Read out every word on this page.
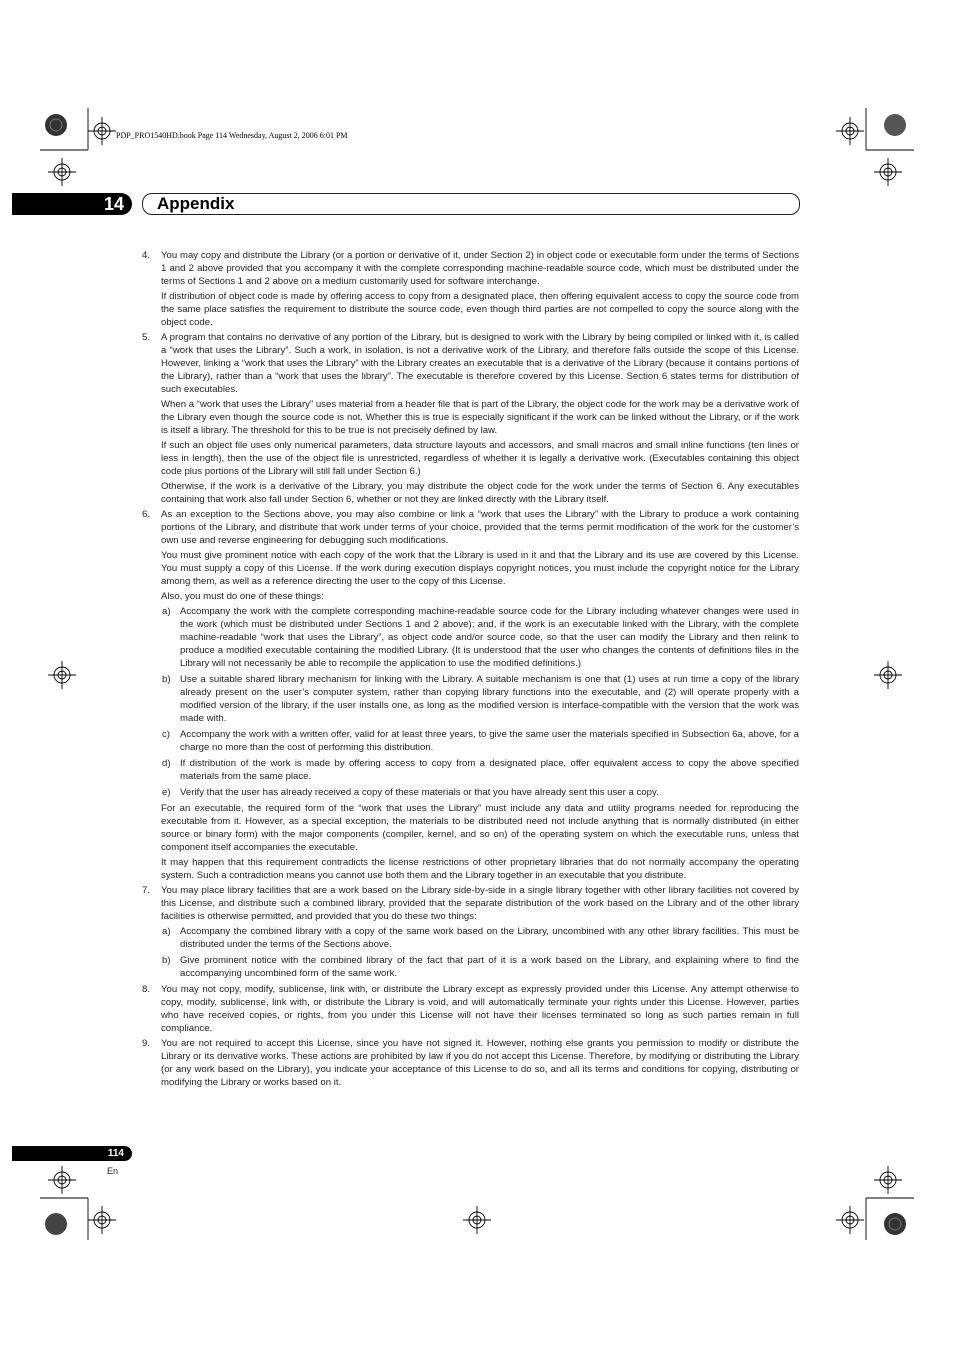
PDP_PRO1540HD.book Page 114 Wednesday, August 2, 2006 6:01 PM
14 Appendix
4. You may copy and distribute the Library (or a portion or derivative of it, under Section 2) in object code or executable form under the terms of Sections 1 and 2 above provided that you accompany it with the complete corresponding machine-readable source code, which must be distributed under the terms of Sections 1 and 2 above on a medium customarily used for software interchange.
If distribution of object code is made by offering access to copy from a designated place, then offering equivalent access to copy the source code from the same place satisfies the requirement to distribute the source code, even though third parties are not compelled to copy the source along with the object code.
5. A program that contains no derivative of any portion of the Library, but is designed to work with the Library by being compiled or linked with it, is called a “work that uses the Library”. Such a work, in isolation, is not a derivative work of the Library, and therefore falls outside the scope of this License. However, linking a “work that uses the Library” with the Library creates an executable that is a derivative of the Library (because it contains portions of the Library), rather than a “work that uses the library”. The executable is therefore covered by this License. Section 6 states terms for distribution of such executables.
When a “work that uses the Library” uses material from a header file that is part of the Library, the object code for the work may be a derivative work of the Library even though the source code is not. Whether this is true is especially significant if the work can be linked without the Library, or if the work is itself a library. The threshold for this to be true is not precisely defined by law.
If such an object file uses only numerical parameters, data structure layouts and accessors, and small macros and small inline functions (ten lines or less in length), then the use of the object file is unrestricted, regardless of whether it is legally a derivative work. (Executables containing this object code plus portions of the Library will still fall under Section 6.)
Otherwise, if the work is a derivative of the Library, you may distribute the object code for the work under the terms of Section 6. Any executables containing that work also fall under Section 6, whether or not they are linked directly with the Library itself.
6. As an exception to the Sections above, you may also combine or link a “work that uses the Library” with the Library to produce a work containing portions of the Library, and distribute that work under terms of your choice, provided that the terms permit modification of the work for the customer’s own use and reverse engineering for debugging such modifications.
You must give prominent notice with each copy of the work that the Library is used in it and that the Library and its use are covered by this License. You must supply a copy of this License. If the work during execution displays copyright notices, you must include the copyright notice for the Library among them, as well as a reference directing the user to the copy of this License.
Also, you must do one of these things:
a) Accompany the work with the complete corresponding machine-readable source code for the Library including whatever changes were used in the work (which must be distributed under Sections 1 and 2 above); and, if the work is an executable linked with the Library, with the complete machine-readable “work that uses the Library”, as object code and/or source code, so that the user can modify the Library and then relink to produce a modified executable containing the modified Library. (It is understood that the user who changes the contents of definitions files in the Library will not necessarily be able to recompile the application to use the modified definitions.)
b) Use a suitable shared library mechanism for linking with the Library. A suitable mechanism is one that (1) uses at run time a copy of the library already present on the user’s computer system, rather than copying library functions into the executable, and (2) will operate properly with a modified version of the library, if the user installs one, as long as the modified version is interface-compatible with the version that the work was made with.
c) Accompany the work with a written offer, valid for at least three years, to give the same user the materials specified in Subsection 6a, above, for a charge no more than the cost of performing this distribution.
d) If distribution of the work is made by offering access to copy from a designated place, offer equivalent access to copy the above specified materials from the same place.
e) Verify that the user has already received a copy of these materials or that you have already sent this user a copy.
For an executable, the required form of the “work that uses the Library” must include any data and utility programs needed for reproducing the executable from it. However, as a special exception, the materials to be distributed need not include anything that is normally distributed (in either source or binary form) with the major components (compiler, kernel, and so on) of the operating system on which the executable runs, unless that component itself accompanies the executable.
It may happen that this requirement contradicts the license restrictions of other proprietary libraries that do not normally accompany the operating system. Such a contradiction means you cannot use both them and the Library together in an executable that you distribute.
7. You may place library facilities that are a work based on the Library side-by-side in a single library together with other library facilities not covered by this License, and distribute such a combined library, provided that the separate distribution of the work based on the Library and of the other library facilities is otherwise permitted, and provided that you do these two things:
a) Accompany the combined library with a copy of the same work based on the Library, uncombined with any other library facilities. This must be distributed under the terms of the Sections above.
b) Give prominent notice with the combined library of the fact that part of it is a work based on the Library, and explaining where to find the accompanying uncombined form of the same work.
8. You may not copy, modify, sublicense, link with, or distribute the Library except as expressly provided under this License. Any attempt otherwise to copy, modify, sublicense, link with, or distribute the Library is void, and will automatically terminate your rights under this License. However, parties who have received copies, or rights, from you under this License will not have their licenses terminated so long as such parties remain in full compliance.
9. You are not required to accept this License, since you have not signed it. However, nothing else grants you permission to modify or distribute the Library or its derivative works. These actions are prohibited by law if you do not accept this License. Therefore, by modifying or distributing the Library (or any work based on the Library), you indicate your acceptance of this License to do so, and all its terms and conditions for copying, distributing or modifying the Library or works based on it.
114
En
